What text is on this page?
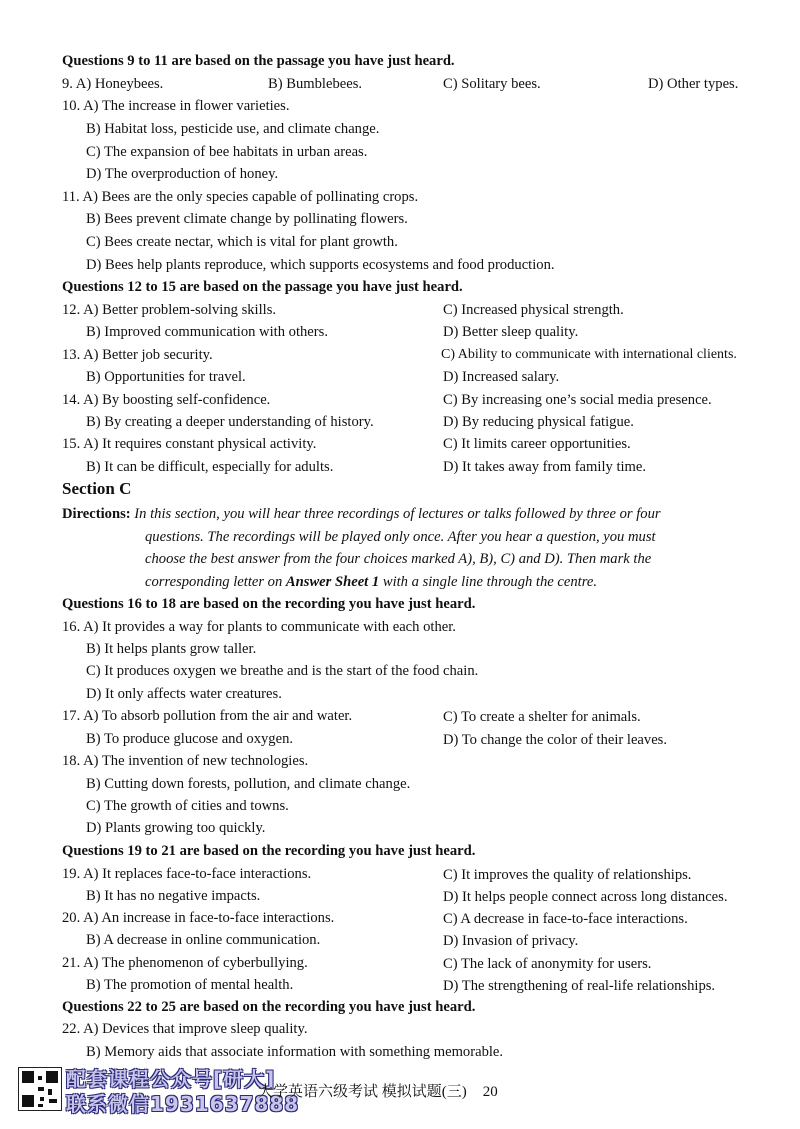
Questions 9 to 11 are based on the passage you have just heard.
9. A) Honeybees.	B) Bumblebees.	C) Solitary bees.	D) Other types.
10. A) The increase in flower varieties.
B) Habitat loss, pesticide use, and climate change.
C) The expansion of bee habitats in urban areas.
D) The overproduction of honey.
11. A) Bees are the only species capable of pollinating crops.
B) Bees prevent climate change by pollinating flowers.
C) Bees create nectar, which is vital for plant growth.
D) Bees help plants reproduce, which supports ecosystems and food production.
Questions 12 to 15 are based on the passage you have just heard.
12. A) Better problem-solving skills.	C) Increased physical strength.
B) Improved communication with others.	D) Better sleep quality.
13. A) Better job security.	C) Ability to communicate with international clients.
B) Opportunities for travel.	D) Increased salary.
14. A) By boosting self-confidence.	C) By increasing one’s social media presence.
B) By creating a deeper understanding of history.	D) By reducing physical fatigue.
15. A) It requires constant physical activity.	C) It limits career opportunities.
B) It can be difficult, especially for adults.	D) It takes away from family time.
Section C
Directions: In this section, you will hear three recordings of lectures or talks followed by three or four
questions. The recordings will be played only once. After you hear a question, you must
choose the best answer from the four choices marked A), B), C) and D). Then mark the
corresponding letter on Answer Sheet 1 with a single line through the centre.
Questions 16 to 18 are based on the recording you have just heard.
16. A) It provides a way for plants to communicate with each other.
B) It helps plants grow taller.
C) It produces oxygen we breathe and is the start of the food chain.
D) It only affects water creatures.
17. A) To absorb pollution from the air and water.	C) To create a shelter for animals.
B) To produce glucose and oxygen.	D) To change the color of their leaves.
18. A) The invention of new technologies.
B) Cutting down forests, pollution, and climate change.
C) The growth of cities and towns.
D) Plants growing too quickly.
Questions 19 to 21 are based on the recording you have just heard.
19. A) It replaces face-to-face interactions.	C) It improves the quality of relationships.
B) It has no negative impacts.	D) It helps people connect across long distances.
20. A) An increase in face-to-face interactions.	C) A decrease in face-to-face interactions.
B) A decrease in online communication.	D) Invasion of privacy.
21. A) The phenomenon of cyberbullying.	C) The lack of anonymity for users.
B) The promotion of mental health.	D) The strengthening of real-life relationships.
Questions 22 to 25 are based on the recording you have just heard.
22. A) Devices that improve sleep quality.
B) Memory aids that associate information with something memorable.
配套课程公众号[研大]
联系微信1931637888
大学英语六级考试 模拟试题(三) 20
